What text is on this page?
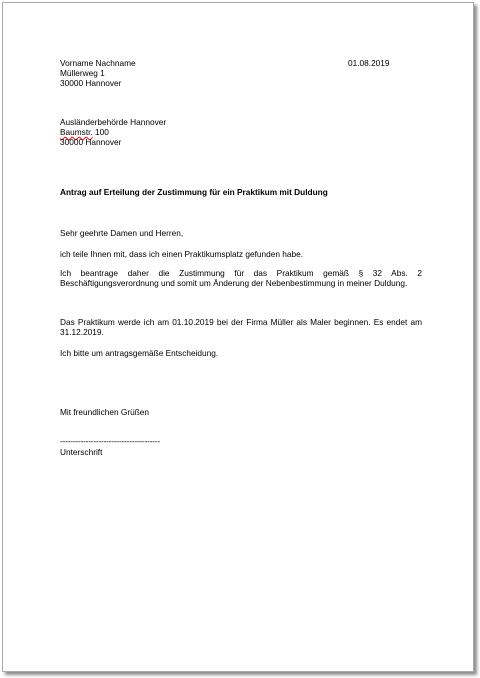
Vorname Nachname

Müllerweg 1

30000 Hannover

01.08.2019

Ausländerbehörde Hannover

Baumstr. 100

30000 Hannover

Antrag auf Erteilung der Zustimmung für ein Praktikum mit Duldung

Sehr geehrte Damen und Herren,

ich teile Ihnen mit, dass ich einen Praktikumsplatz gefunden habe.

Ich beantrage daher die Zustimmung für das Praktikum gemäß § 32 Abs. 2 Beschäftigungsverordnung und somit um Änderung der Nebenbestimmung in meiner Duldung.

Das Praktikum werde ich am 01.10.2019 bei der Firma Müller als Maler beginnen. Es endet am 31.12.2019.

Ich bitte um antragsgemäße Entscheidung.

Mit freundlichen Grüßen

---------------------------------------

Unterschrift
